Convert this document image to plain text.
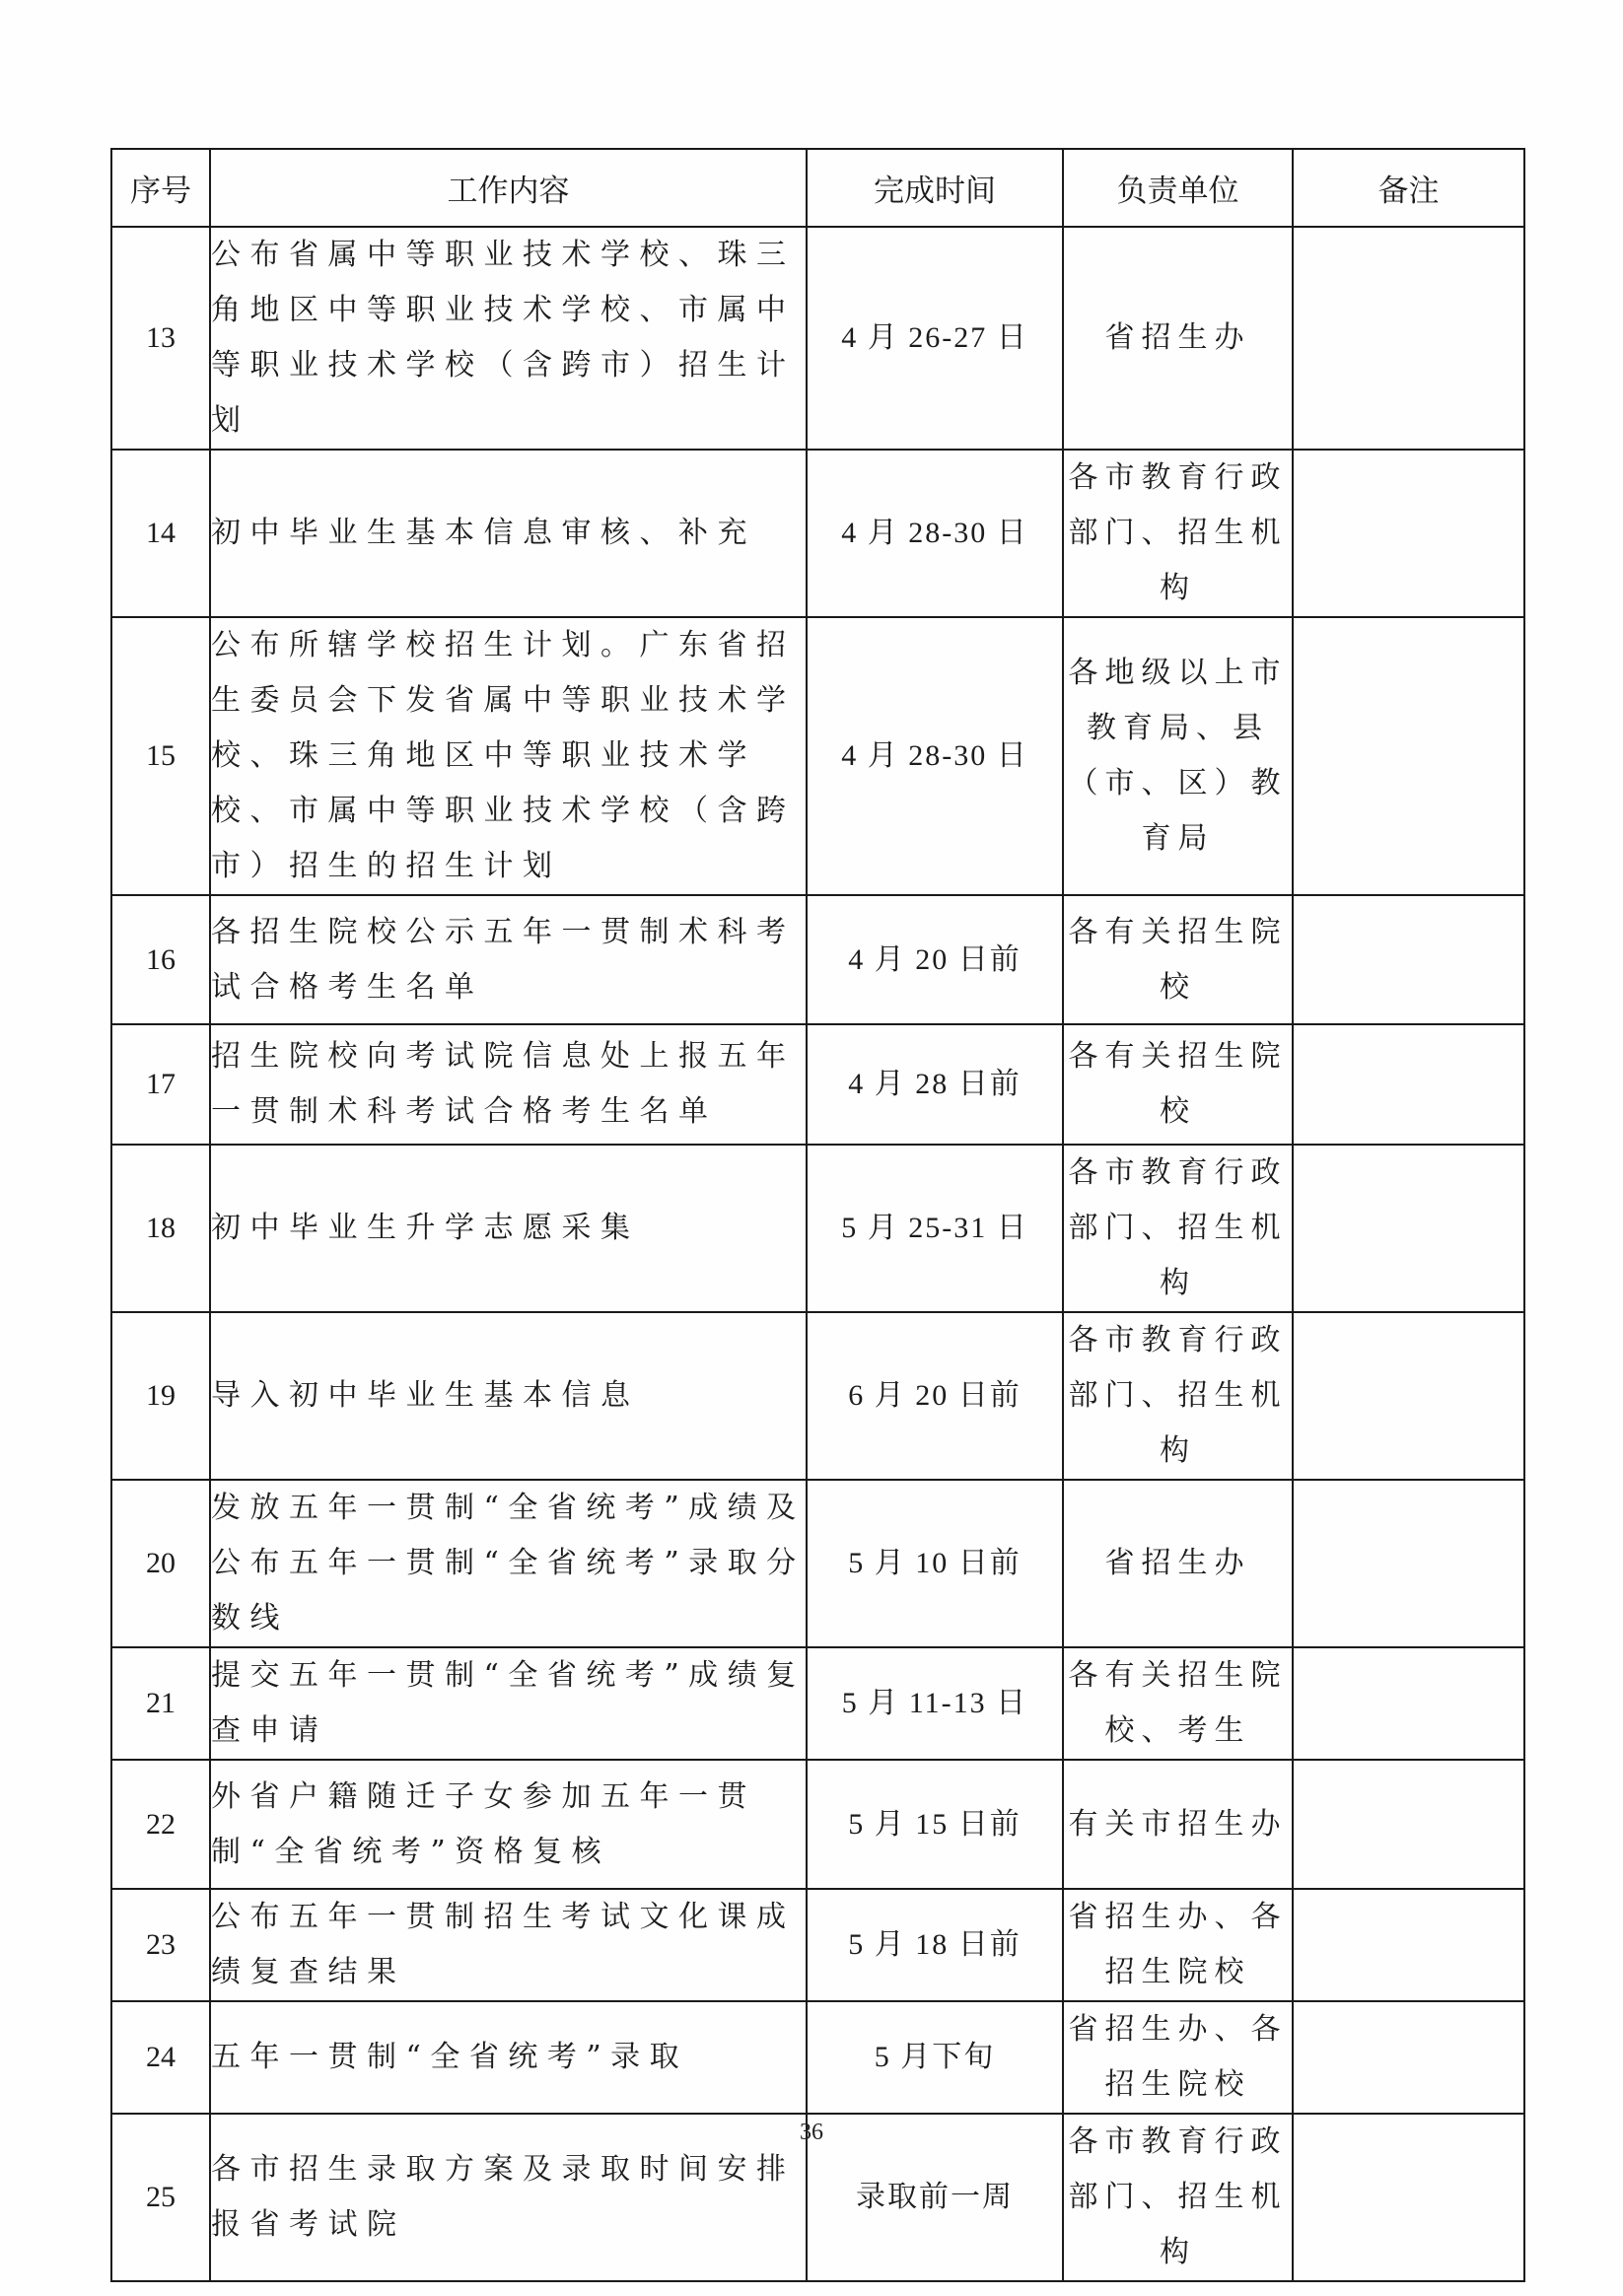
序号	工作内容	完成时间	负责单位	备注
13	公布省属中等职业技术学校、珠三角地区中等职业技术学校、市属中等职业技术学校（含跨市）招生计划	4 月 26-27 日	省招生办	
14	初中毕业生基本信息审核、补充	4 月 28-30 日	各市教育行政部门、招生机构	
15	公布所辖学校招生计划。广东省招生委员会下发省属中等职业技术学校、珠三角地区中等职业技术学校、市属中等职业技术学校（含跨市）招生的招生计划	4 月 28-30 日	各地级以上市教育局、县（市、区）教育局	
16	各招生院校公示五年一贯制术科考试合格考生名单	4 月 20 日前	各有关招生院校	
17	招生院校向考试院信息处上报五年一贯制术科考试合格考生名单	4 月 28 日前	各有关招生院校	
18	初中毕业生升学志愿采集	5 月 25-31 日	各市教育行政部门、招生机构	
19	导入初中毕业生基本信息	6 月 20 日前	各市教育行政部门、招生机构	
20	发放五年一贯制“全省统考”成绩及公布五年一贯制“全省统考”录取分数线	5 月 10 日前	省招生办	
21	提交五年一贯制“全省统考”成绩复查申请	5 月 11-13 日	各有关招生院校、考生	
22	外省户籍随迁子女参加五年一贯制“全省统考”资格复核	5 月 15 日前	有关市招生办	
23	公布五年一贯制招生考试文化课成绩复查结果	5 月 18 日前	省招生办、各招生院校	
24	五年一贯制“全省统考”录取	5 月下旬	省招生办、各招生院校	
25	各市招生录取方案及录取时间安排报省考试院	录取前一周	各市教育行政部门、招生机构	
36
